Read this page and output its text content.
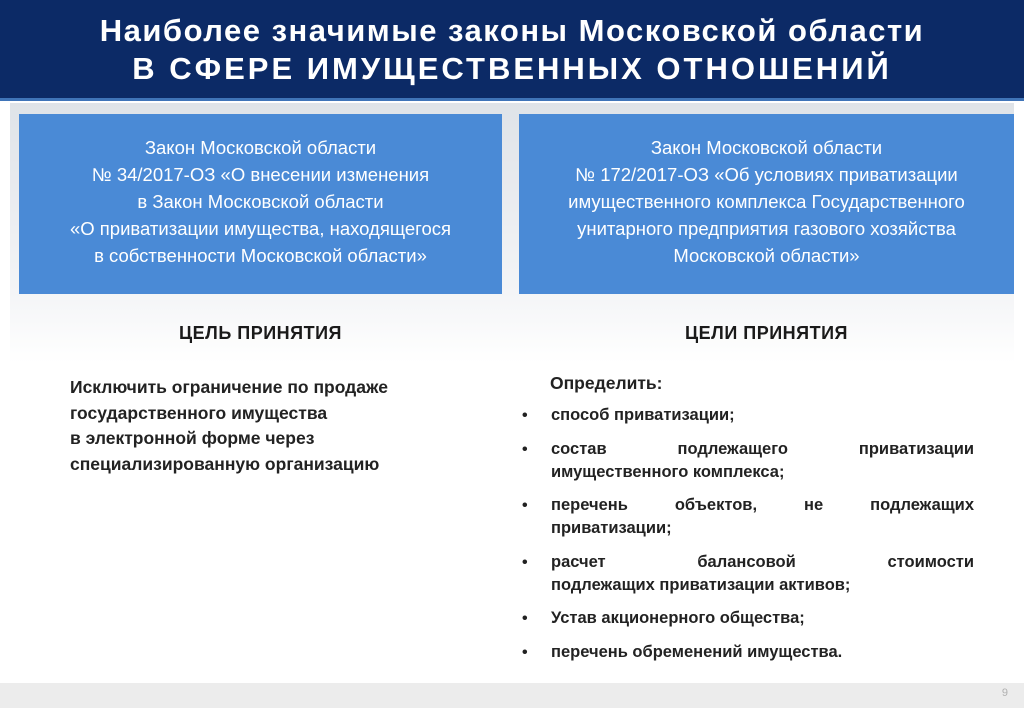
Наиболее значимые законы Московской области
В СФЕРЕ ИМУЩЕСТВЕННЫХ ОТНОШЕНИЙ
Закон Московской области
№ 34/2017-ОЗ «О внесении изменения
в Закон Московской области
«О приватизации имущества, находящегося
в собственности Московской области»
Закон Московской области
№ 172/2017-ОЗ «Об условиях приватизации
имущественного комплекса Государственного
унитарного предприятия газового хозяйства
Московской области»
ЦЕЛЬ ПРИНЯТИЯ	ЦЕЛИ ПРИНЯТИЯ
Исключить ограничение по продаже
государственного имущества
в электронной форме через
специализированную организацию
Определить:
• способ приватизации;
• состав подлежащего приватизации
имущественного комплекса;
• перечень объектов, не подлежащих
приватизации;
• расчет балансовой стоимости
подлежащих приватизации активов;
• Устав акционерного общества;
• перечень обременений имущества.
9
